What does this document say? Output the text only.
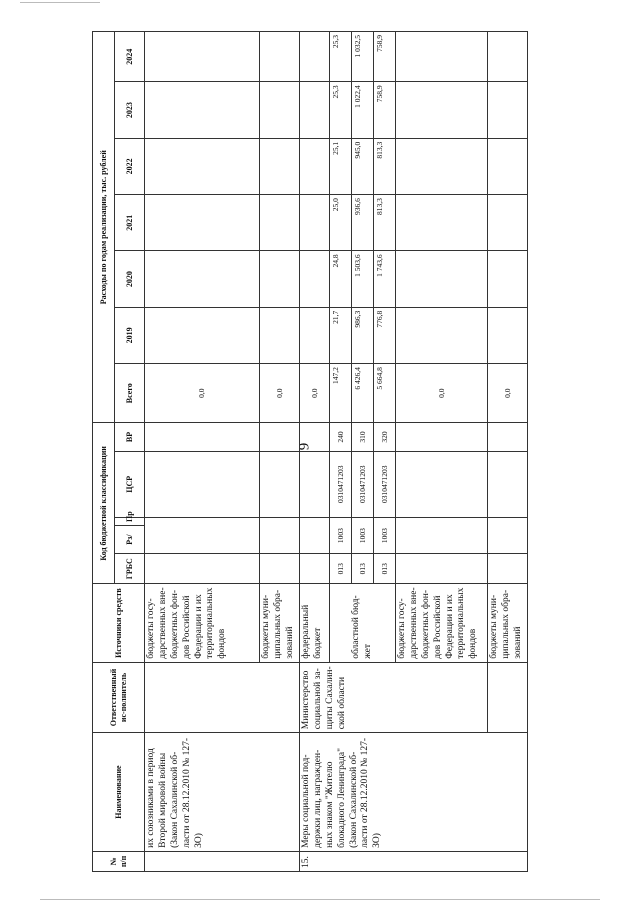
9
№ п/п	Наименование	Ответственный ис-полнитель	Источники средств	Код бюджетной классификации					Расходы по годам реализации, тыс. рублей						
				ГРБС	Рз/	Пр	ЦСР	ВР	Всего	2019	2020	2021	2022	2023	2024
	их союзниками в период Второй мировой войны (Закон Сахалинской об-ласти от 28.12.2010 № 127-ЗО)		бюджеты госу-дарственных вне-бюджетных фон-дов Российской Федерации и их территориальных фондов						0,0						
			бюджеты муни-ципальных обра-зований						0,0						
15.	Меры социальной под-держки лиц, награжден-ных знаком "Жителю блокадного Ленинграда" (Закон Сахалинской об-ласти от 28.12.2010 № 127-ЗО)	Министерство социальной за-щиты Сахалин-ской области	федеральный бюджет						0,0						
			областной бюд-жет	013	1003		0310471203	240	147,2	21,7	24,8	25,0	25,1	25,3	25,3
				013	1003		0310471203	310	6 426,4	986,3	1 503,6	936,6	945,0	1 022,4	1 032,5
				013	1003		0310471203	320	5 664,8	776,8	1 743,6	813,3	813,3	758,9	758,9
			бюджеты госу-дарственных вне-бюджетных фон-дов Российской Федерации и их территориальных фондов						0,0						
			бюджеты муни-ципальных обра-зований						0,0						
